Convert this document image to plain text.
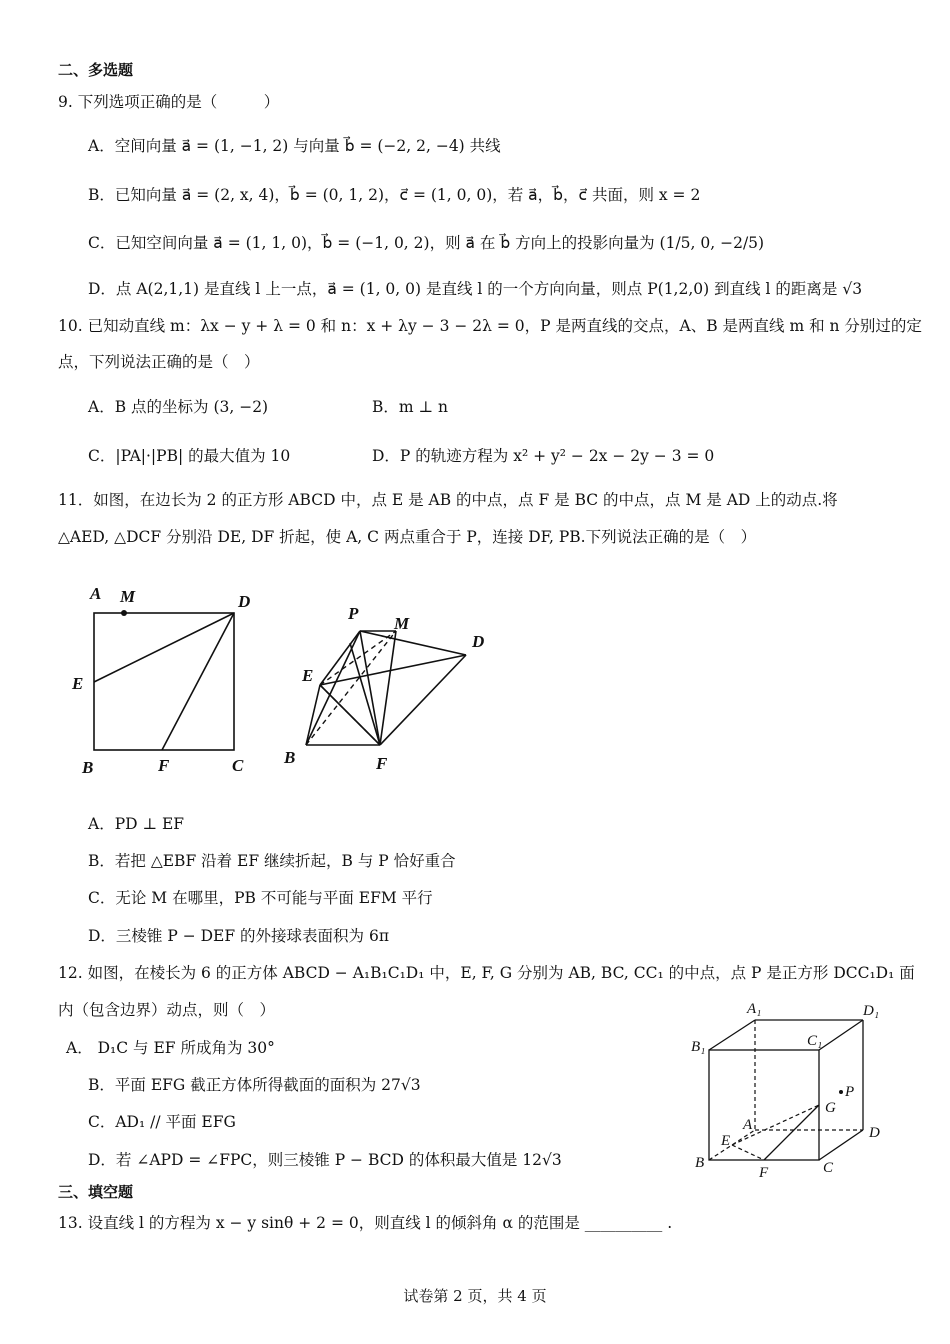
二、多选题
9. 下列选项正确的是（　　　）
A．空间向量 a⃗ = (1, −1, 2) 与向量 b⃗ = (−2, 2, −4) 共线
B．已知向量 a⃗ = (2, x, 4)，b⃗ = (0, 1, 2)，c⃗ = (1, 0, 0)，若 a⃗，b⃗，c⃗ 共面，则 x = 2
C．已知空间向量 a⃗ = (1, 1, 0)，b⃗ = (−1, 0, 2)，则 a⃗ 在 b⃗ 方向上的投影向量为 (1/5, 0, −2/5)
D．点 A(2,1,1) 是直线 l 上一点，a⃗ = (1, 0, 0) 是直线 l 的一个方向向量，则点 P(1,2,0) 到直线 l 的距离是 √3
10. 已知动直线 m：λx − y + λ = 0 和 n：x + λy − 3 − 2λ = 0，P 是两直线的交点，A、B 是两直线 m 和 n 分别过的定
点，下列说法正确的是（　）
A．B 点的坐标为 (3, −2)	B．m ⊥ n
C．|PA|·|PB| 的最大值为 10	D．P 的轨迹方程为 x² + y² − 2x − 2y − 3 = 0
11．如图，在边长为 2 的正方形 ABCD 中，点 E 是 AB 的中点，点 F 是 BC 的中点，点 M 是 AD 上的动点.将
△AED, △DCF 分别沿 DE, DF 折起，使 A, C 两点重合于 P，连接 DF, PB.下列说法正确的是（　）
A M	D
E
B	F	C
P
M
D
E
B	F
A．PD ⊥ EF
B．若把 △EBF 沿着 EF 继续折起，B 与 P 恰好重合
C．无论 M 在哪里，PB 不可能与平面 EFM 平行
D．三棱锥 P − DEF 的外接球表面积为 6π
12. 如图，在棱长为 6 的正方体 ABCD − A₁B₁C₁D₁ 中，E, F, G 分别为 AB, BC, CC₁ 的中点，点 P 是正方形 DCC₁D₁ 面
内（包含边界）动点，则（　）
A． D₁C 与 EF 所成角为 30°
B．平面 EFG 截正方体所得截面的面积为 27√3
C．AD₁ // 平面 EFG
D．若 ∠APD = ∠FPC，则三棱锥 P − BCD 的体积最大值是 12√3
A₁	D₁
B₁	C₁
P
G
A	D
E
B
F	C
三、填空题
13. 设直线 l 的方程为 x − y sinθ + 2 = 0，则直线 l 的倾斜角 α 的范围是 __________ .
试卷第 2 页，共 4 页
